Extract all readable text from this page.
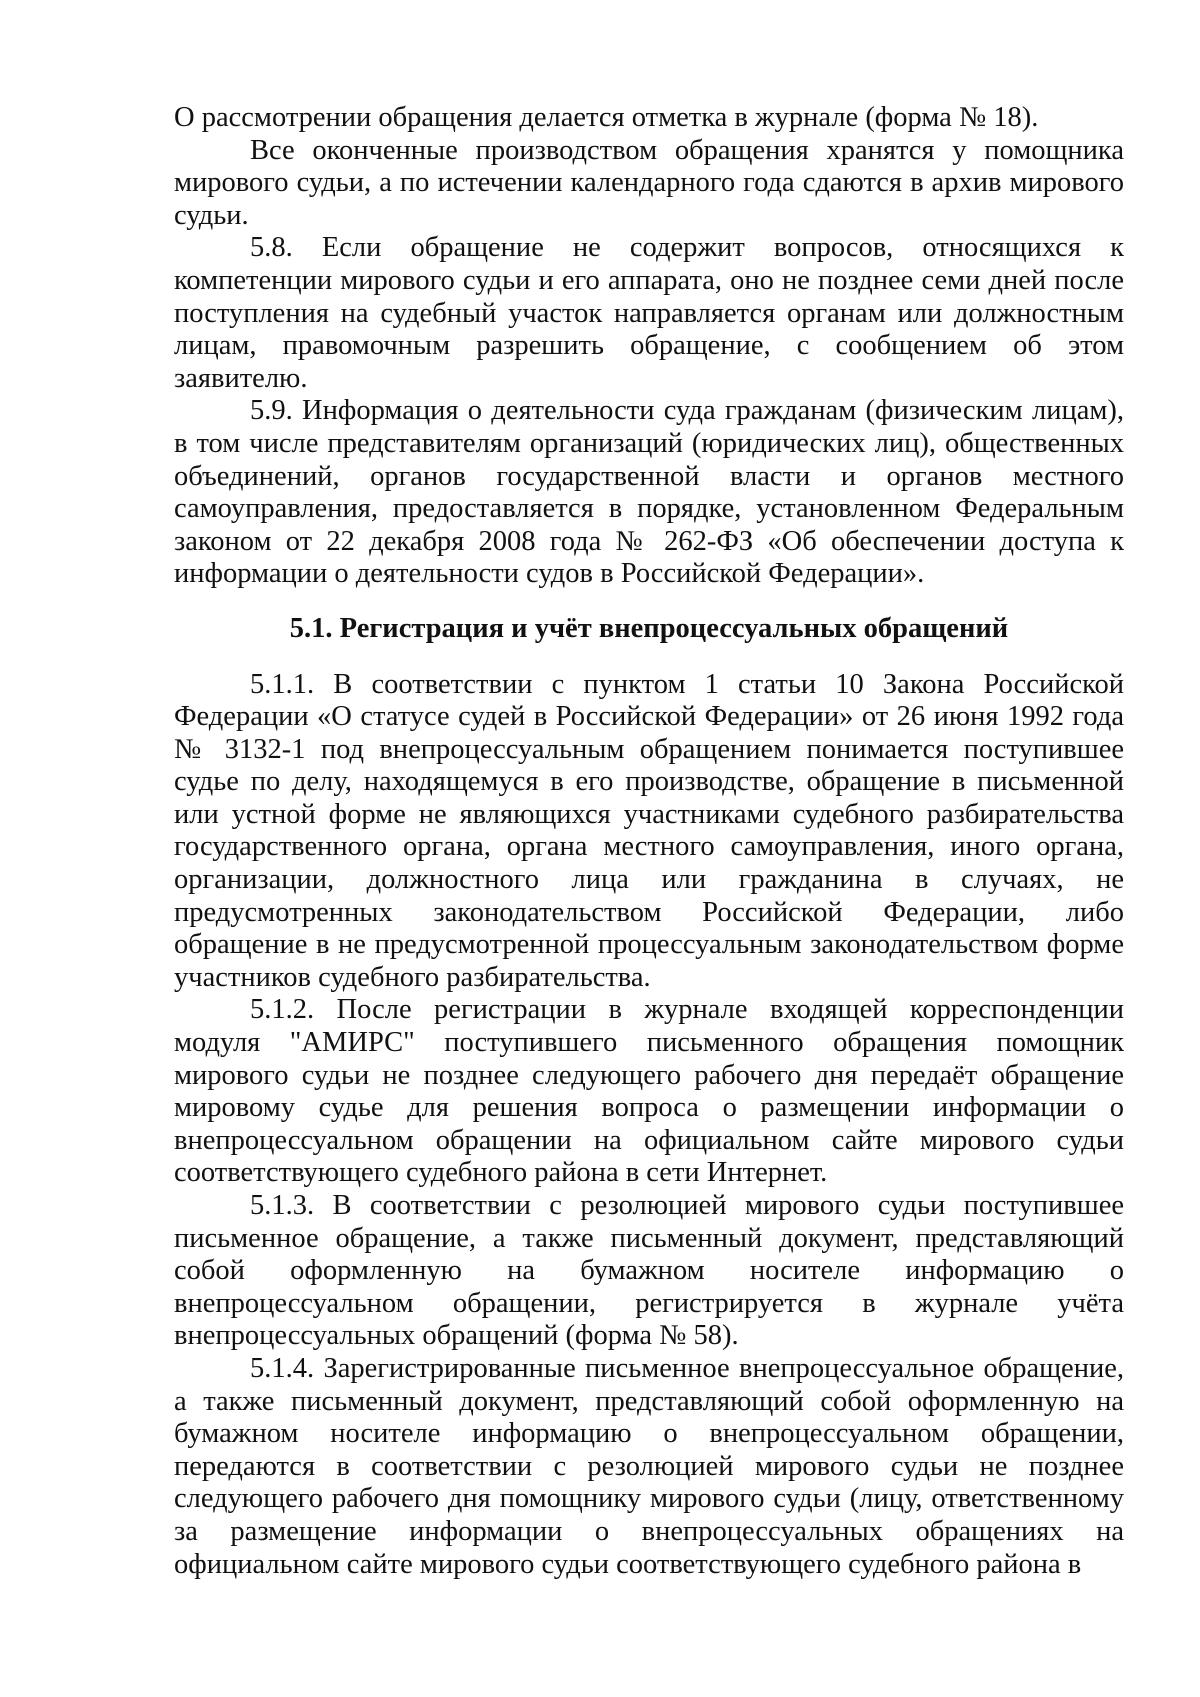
О рассмотрении обращения делается отметка в журнале (форма № 18).

Все оконченные производством обращения хранятся у помощника мирового судьи, а по истечении календарного года сдаются в архив мирового судьи.

5.8. Если обращение не содержит вопросов, относящихся к компетенции мирового судьи и его аппарата, оно не позднее семи дней после поступления на судебный участок направляется органам или должностным лицам, правомочным разрешить обращение, с сообщением об этом заявителю.

5.9. Информация о деятельности суда гражданам (физическим лицам), в том числе представителям организаций (юридических лиц), общественных объединений, органов государственной власти и органов местного самоуправления, предоставляется в порядке, установленном Федеральным законом от 22 декабря 2008 года № 262-ФЗ «Об обеспечении доступа к информации о деятельности судов в Российской Федерации».

5.1. Регистрация и учёт внепроцессуальных обращений

5.1.1. В соответствии с пунктом 1 статьи 10 Закона Российской Федерации «О статусе судей в Российской Федерации» от 26 июня 1992 года № 3132-1 под внепроцессуальным обращением понимается поступившее судье по делу, находящемуся в его производстве, обращение в письменной или устной форме не являющихся участниками судебного разбирательства государственного органа, органа местного самоуправления, иного органа, организации, должностного лица или гражданина в случаях, не предусмотренных законодательством Российской Федерации, либо обращение в не предусмотренной процессуальным законодательством форме участников судебного разбирательства.

5.1.2. После регистрации в журнале входящей корреспонденции модуля "АМИРС" поступившего письменного обращения помощник мирового судьи не позднее следующего рабочего дня передаёт обращение мировому судье для решения вопроса о размещении информации о внепроцессуальном обращении на официальном сайте мирового судьи соответствующего судебного района в сети Интернет.

5.1.3. В соответствии с резолюцией мирового судьи поступившее письменное обращение, а также письменный документ, представляющий собой оформленную на бумажном носителе информацию о внепроцессуальном обращении, регистрируется в журнале учёта внепроцессуальных обращений (форма № 58).

5.1.4. Зарегистрированные письменное внепроцессуальное обращение, а также письменный документ, представляющий собой оформленную на бумажном носителе информацию о внепроцессуальном обращении, передаются в соответствии с резолюцией мирового судьи не позднее следующего рабочего дня помощнику мирового судьи (лицу, ответственному за размещение информации о внепроцессуальных обращениях на официальном сайте мирового судьи соответствующего судебного района в
